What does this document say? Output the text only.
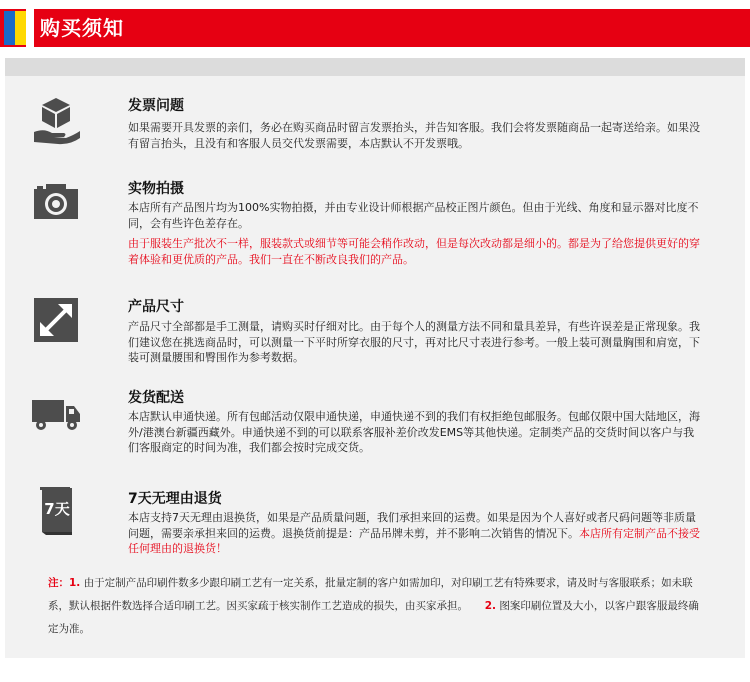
购买须知
发票问题
如果需要开具发票的亲们，务必在购买商品时留言发票抬头，并告知客服。我们会将发票随商品一起寄送给亲。如果没有留言抬头，且没有和客服人员交代发票需要，本店默认不开发票哦。
实物拍摄
本店所有产品图片均为100%实物拍摄，并由专业设计师根据产品校正图片颜色。但由于光线、角度和显示器对比度不同，会有些许色差存在。
由于服装生产批次不一样，服装款式或细节等可能会稍作改动，但是每次改动都是细小的。都是为了给您提供更好的穿着体验和更优质的产品。我们一直在不断改良我们的产品。
产品尺寸
产品尺寸全部都是手工测量，请购买时仔细对比。由于每个人的测量方法不同和量具差异，有些许误差是正常现象。我们建议您在挑选商品时，可以测量一下平时所穿衣服的尺寸，再对比尺寸表进行参考。一般上装可测量胸围和肩宽，下装可测量腰围和臀围作为参考数据。
发货配送
本店默认申通快递。所有包邮活动仅限申通快递，申通快递不到的我们有权拒绝包邮服务。包邮仅限中国大陆地区，海外/港澳台新疆西藏外。申通快递不到的可以联系客服补差价改发EMS等其他快递。定制类产品的交货时间以客户与我们客服商定的时间为准，我们都会按时完成交货。
7天
7天无理由退货
本店支持7天无理由退换货，如果是产品质量问题，我们承担来回的运费。如果是因为个人喜好或者尺码问题等非质量问题，需要亲承担来回的运费。退换货前提是：产品吊牌未剪，并不影响二次销售的情况下。本店所有定制产品不接受任何理由的退换货！
注：1. 由于定制产品印刷件数多少跟印刷工艺有一定关系，批量定制的客户如需加印，对印刷工艺有特殊要求，请及时与客服联系；如未联系，默认根据件数选择合适印刷工艺。因买家疏于核实制作工艺造成的损失，由买家承担。 2. 图案印刷位置及大小，以客户跟客服最终确定为准。
